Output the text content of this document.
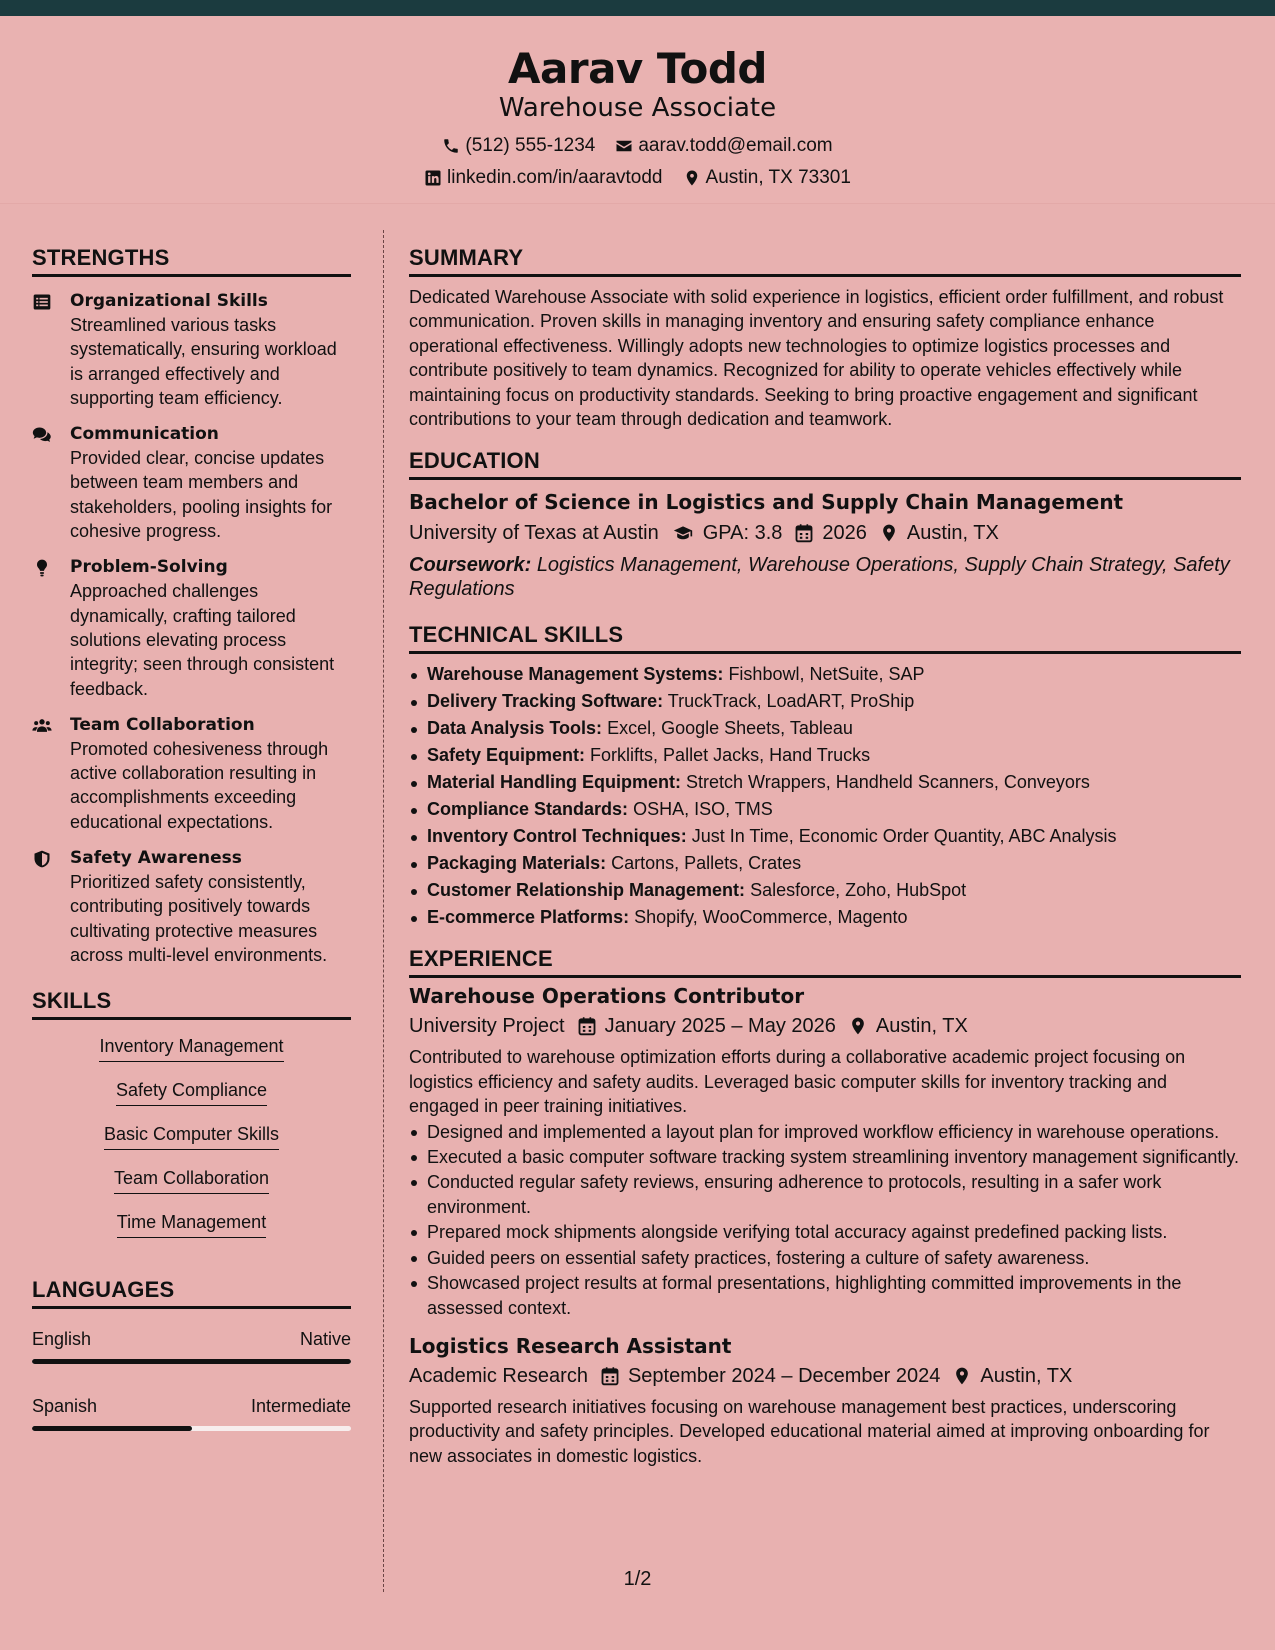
Aarav Todd
Warehouse Associate
(512) 555-1234 aarav.todd@email.com
linkedin.com/in/aaravtodd Austin, TX 73301
STRENGTHS
Organizational Skills
Streamlined various tasks systematically, ensuring workload is arranged effectively and supporting team efficiency.
Communication
Provided clear, concise updates between team members and stakeholders, pooling insights for cohesive progress.
Problem-Solving
Approached challenges dynamically, crafting tailored solutions elevating process integrity; seen through consistent feedback.
Team Collaboration
Promoted cohesiveness through active collaboration resulting in accomplishments exceeding educational expectations.
Safety Awareness
Prioritized safety consistently, contributing positively towards cultivating protective measures across multi-level environments.
SKILLS
Inventory Management
Safety Compliance
Basic Computer Skills
Team Collaboration
Time Management
LANGUAGES
English	Native
Spanish	Intermediate
SUMMARY
Dedicated Warehouse Associate with solid experience in logistics, efficient order fulfillment, and robust communication. Proven skills in managing inventory and ensuring safety compliance enhance operational effectiveness. Willingly adopts new technologies to optimize logistics processes and contribute positively to team dynamics. Recognized for ability to operate vehicles effectively while maintaining focus on productivity standards. Seeking to bring proactive engagement and significant contributions to your team through dedication and teamwork.
EDUCATION
Bachelor of Science in Logistics and Supply Chain Management
University of Texas at Austin GPA: 3.8 2026 Austin, TX
Coursework: Logistics Management, Warehouse Operations, Supply Chain Strategy, Safety Regulations
TECHNICAL SKILLS
Warehouse Management Systems: Fishbowl, NetSuite, SAP
Delivery Tracking Software: TruckTrack, LoadART, ProShip
Data Analysis Tools: Excel, Google Sheets, Tableau
Safety Equipment: Forklifts, Pallet Jacks, Hand Trucks
Material Handling Equipment: Stretch Wrappers, Handheld Scanners, Conveyors
Compliance Standards: OSHA, ISO, TMS
Inventory Control Techniques: Just In Time, Economic Order Quantity, ABC Analysis
Packaging Materials: Cartons, Pallets, Crates
Customer Relationship Management: Salesforce, Zoho, HubSpot
E-commerce Platforms: Shopify, WooCommerce, Magento
EXPERIENCE
Warehouse Operations Contributor
University Project January 2025 – May 2026 Austin, TX
Contributed to warehouse optimization efforts during a collaborative academic project focusing on logistics efficiency and safety audits. Leveraged basic computer skills for inventory tracking and engaged in peer training initiatives.
Designed and implemented a layout plan for improved workflow efficiency in warehouse operations.
Executed a basic computer software tracking system streamlining inventory management significantly.
Conducted regular safety reviews, ensuring adherence to protocols, resulting in a safer work environment.
Prepared mock shipments alongside verifying total accuracy against predefined packing lists.
Guided peers on essential safety practices, fostering a culture of safety awareness.
Showcased project results at formal presentations, highlighting committed improvements in the assessed context.
Logistics Research Assistant
Academic Research September 2024 – December 2024 Austin, TX
Supported research initiatives focusing on warehouse management best practices, underscoring productivity and safety principles. Developed educational material aimed at improving onboarding for new associates in domestic logistics.
1/2
